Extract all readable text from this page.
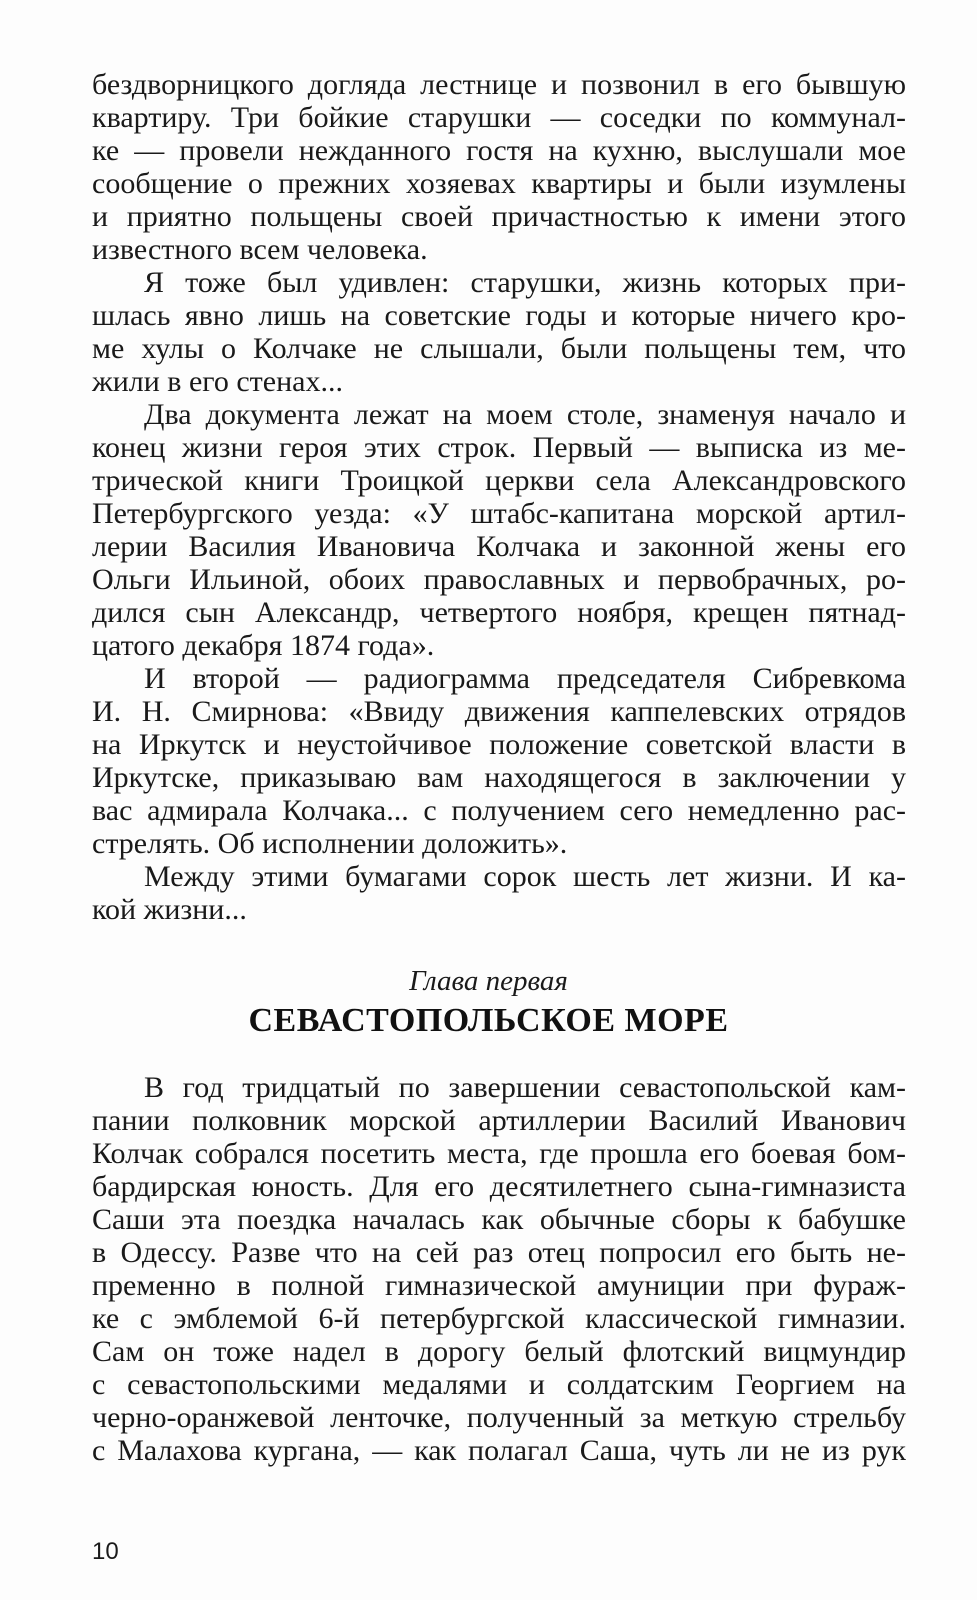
бездворницкого догляда лестнице и позвонил в его бывшую
квартиру. Три бойкие старушки — соседки по коммунал-
ке — провели нежданного гостя на кухню, выслушали мое
сообщение о прежних хозяевах квартиры и были изумлены
и приятно польщены своей причастностью к имени этого
известного всем человека.
Я тоже был удивлен: старушки, жизнь которых при-
шлась явно лишь на советские годы и которые ничего кро-
ме хулы о Колчаке не слышали, были польщены тем, что
жили в его стенах...
Два документа лежат на моем столе, знаменуя начало и
конец жизни героя этих строк. Первый — выписка из ме-
трической книги Троицкой церкви села Александровского
Петербургского уезда: «У штабс-капитана морской артил-
лерии Василия Ивановича Колчака и законной жены его
Ольги Ильиной, обоих православных и первобрачных, ро-
дился сын Александр, четвертого ноября, крещен пятнад-
цатого декабря 1874 года».
И второй — радиограмма председателя Сибревкома
И. Н. Смирнова: «Ввиду движения каппелевских отрядов
на Иркутск и неустойчивое положение советской власти в
Иркутске, приказываю вам находящегося в заключении у
вас адмирала Колчака... с получением сего немедленно рас-
стрелять. Об исполнении доложить».
Между этими бумагами сорок шесть лет жизни. И ка-
кой жизни...
Глава первая
СЕВАСТОПОЛЬСКОЕ МОРЕ
В год тридцатый по завершении севастопольской кам-
пании полковник морской артиллерии Василий Иванович
Колчак собрался посетить места, где прошла его боевая бом-
бардирская юность. Для его десятилетнего сына-гимназиста
Саши эта поездка началась как обычные сборы к бабушке
в Одессу. Разве что на сей раз отец попросил его быть не-
пременно в полной гимназической амуниции при фураж-
ке с эмблемой 6-й петербургской классической гимназии.
Сам он тоже надел в дорогу белый флотский вицмундир
с севастопольскими медалями и солдатским Георгием на
черно-оранжевой ленточке, полученный за меткую стрельбу
с Малахова кургана, — как полагал Саша, чуть ли не из рук
10
